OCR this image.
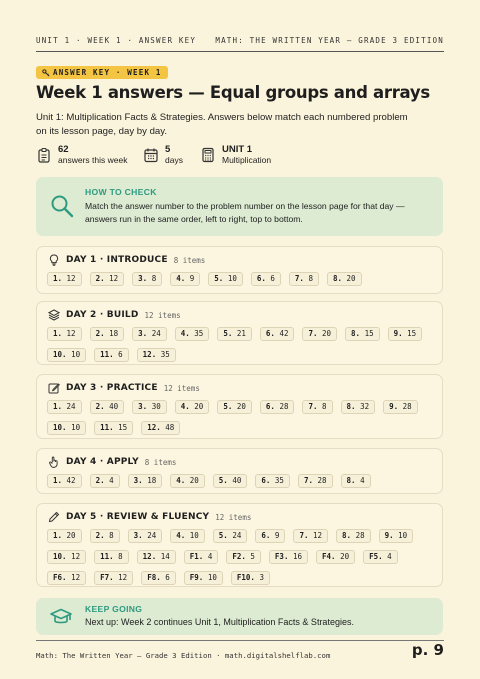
UNIT 1 · WEEK 1 · ANSWER KEY	MATH: THE WRITTEN YEAR — GRADE 3 EDITION
ANSWER KEY · WEEK 1
Week 1 answers — Equal groups and arrays

Unit 1: Multiplication Facts & Strategies. Answers below match each numbered problem on its lesson page, day by day.

62
answers this week
5
days
UNIT 1
Multiplication
HOW TO CHECK
Match the answer number to the problem number on the lesson page for that day — answers run in the same order, left to right, top to bottom.
DAY 1 · INTRODUCE 8 items
1. 12	2. 12	3. 8	4. 9	5. 10	6. 6	7. 8	8. 20
DAY 2 · BUILD 12 items
1. 12	2. 18	3. 24	4. 35	5. 21	6. 42	7. 20	8. 15	9. 15
10. 10	11. 6	12. 35
DAY 3 · PRACTICE 12 items
1. 24	2. 40	3. 30	4. 20	5. 20	6. 28	7. 8	8. 32	9. 28
10. 10	11. 15	12. 48
DAY 4 · APPLY 8 items
1. 42	2. 4	3. 18	4. 20	5. 40	6. 35	7. 28	8. 4
DAY 5 · REVIEW & FLUENCY 12 items
1. 20	2. 8	3. 24	4. 10	5. 24	6. 9	7. 12	8. 28	9. 10
10. 12	11. 8	12. 14	F1. 4	F2. 5	F3. 16	F4. 20	F5. 4
F6. 12	F7. 12	F8. 6	F9. 10	F10. 3
KEEP GOING
Next up: Week 2 continues Unit 1, Multiplication Facts & Strategies.
Math: The Written Year — Grade 3 Edition · math.digitalshelflab.com	p. 9
